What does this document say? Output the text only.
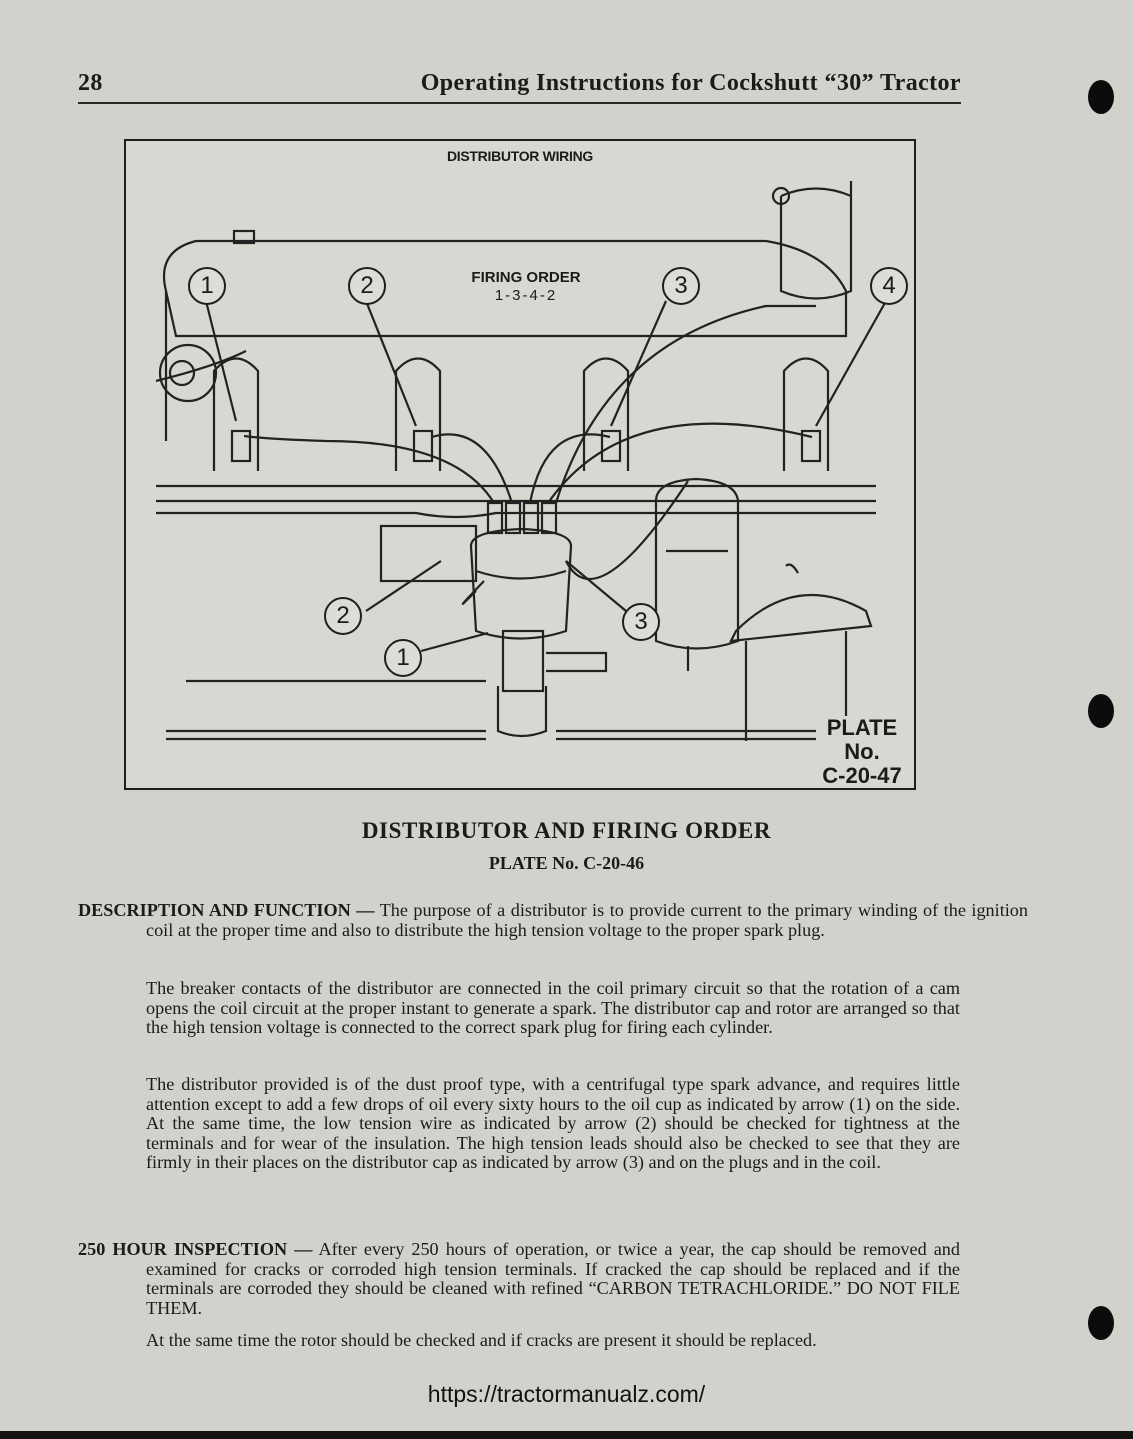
28	Operating Instructions for Cockshutt “30” Tractor
DISTRIBUTOR WIRING
FIRING ORDER
1-3-4-2
1	2	3	4
2	3
1
PLATE
No.
C-20-47
DISTRIBUTOR AND FIRING ORDER
PLATE No. C-20-46
DESCRIPTION AND FUNCTION — The purpose of a distributor is to provide current to the primary winding of the ignition coil at the proper time and also to distribute the high tension voltage to the proper spark plug.
The breaker contacts of the distributor are connected in the coil primary circuit so that the rotation of a cam opens the coil circuit at the proper instant to generate a spark. The distributor cap and rotor are arranged so that the high tension voltage is connected to the correct spark plug for firing each cylinder.
The distributor provided is of the dust proof type, with a centrifugal type spark advance, and requires little attention except to add a few drops of oil every sixty hours to the oil cup as indicated by arrow (1) on the side. At the same time, the low tension wire as indicated by arrow (2) should be checked for tightness at the terminals and for wear of the insulation. The high tension leads should also be checked to see that they are firmly in their places on the distributor cap as indicated by arrow (3) and on the plugs and in the coil.
250 HOUR INSPECTION — After every 250 hours of operation, or twice a year, the cap should be removed and examined for cracks or corroded high tension terminals. If cracked the cap should be replaced and if the terminals are corroded they should be cleaned with refined “CARBON TETRACHLORIDE.” DO NOT FILE THEM.
At the same time the rotor should be checked and if cracks are present it should be replaced.
https://tractormanualz.com/
